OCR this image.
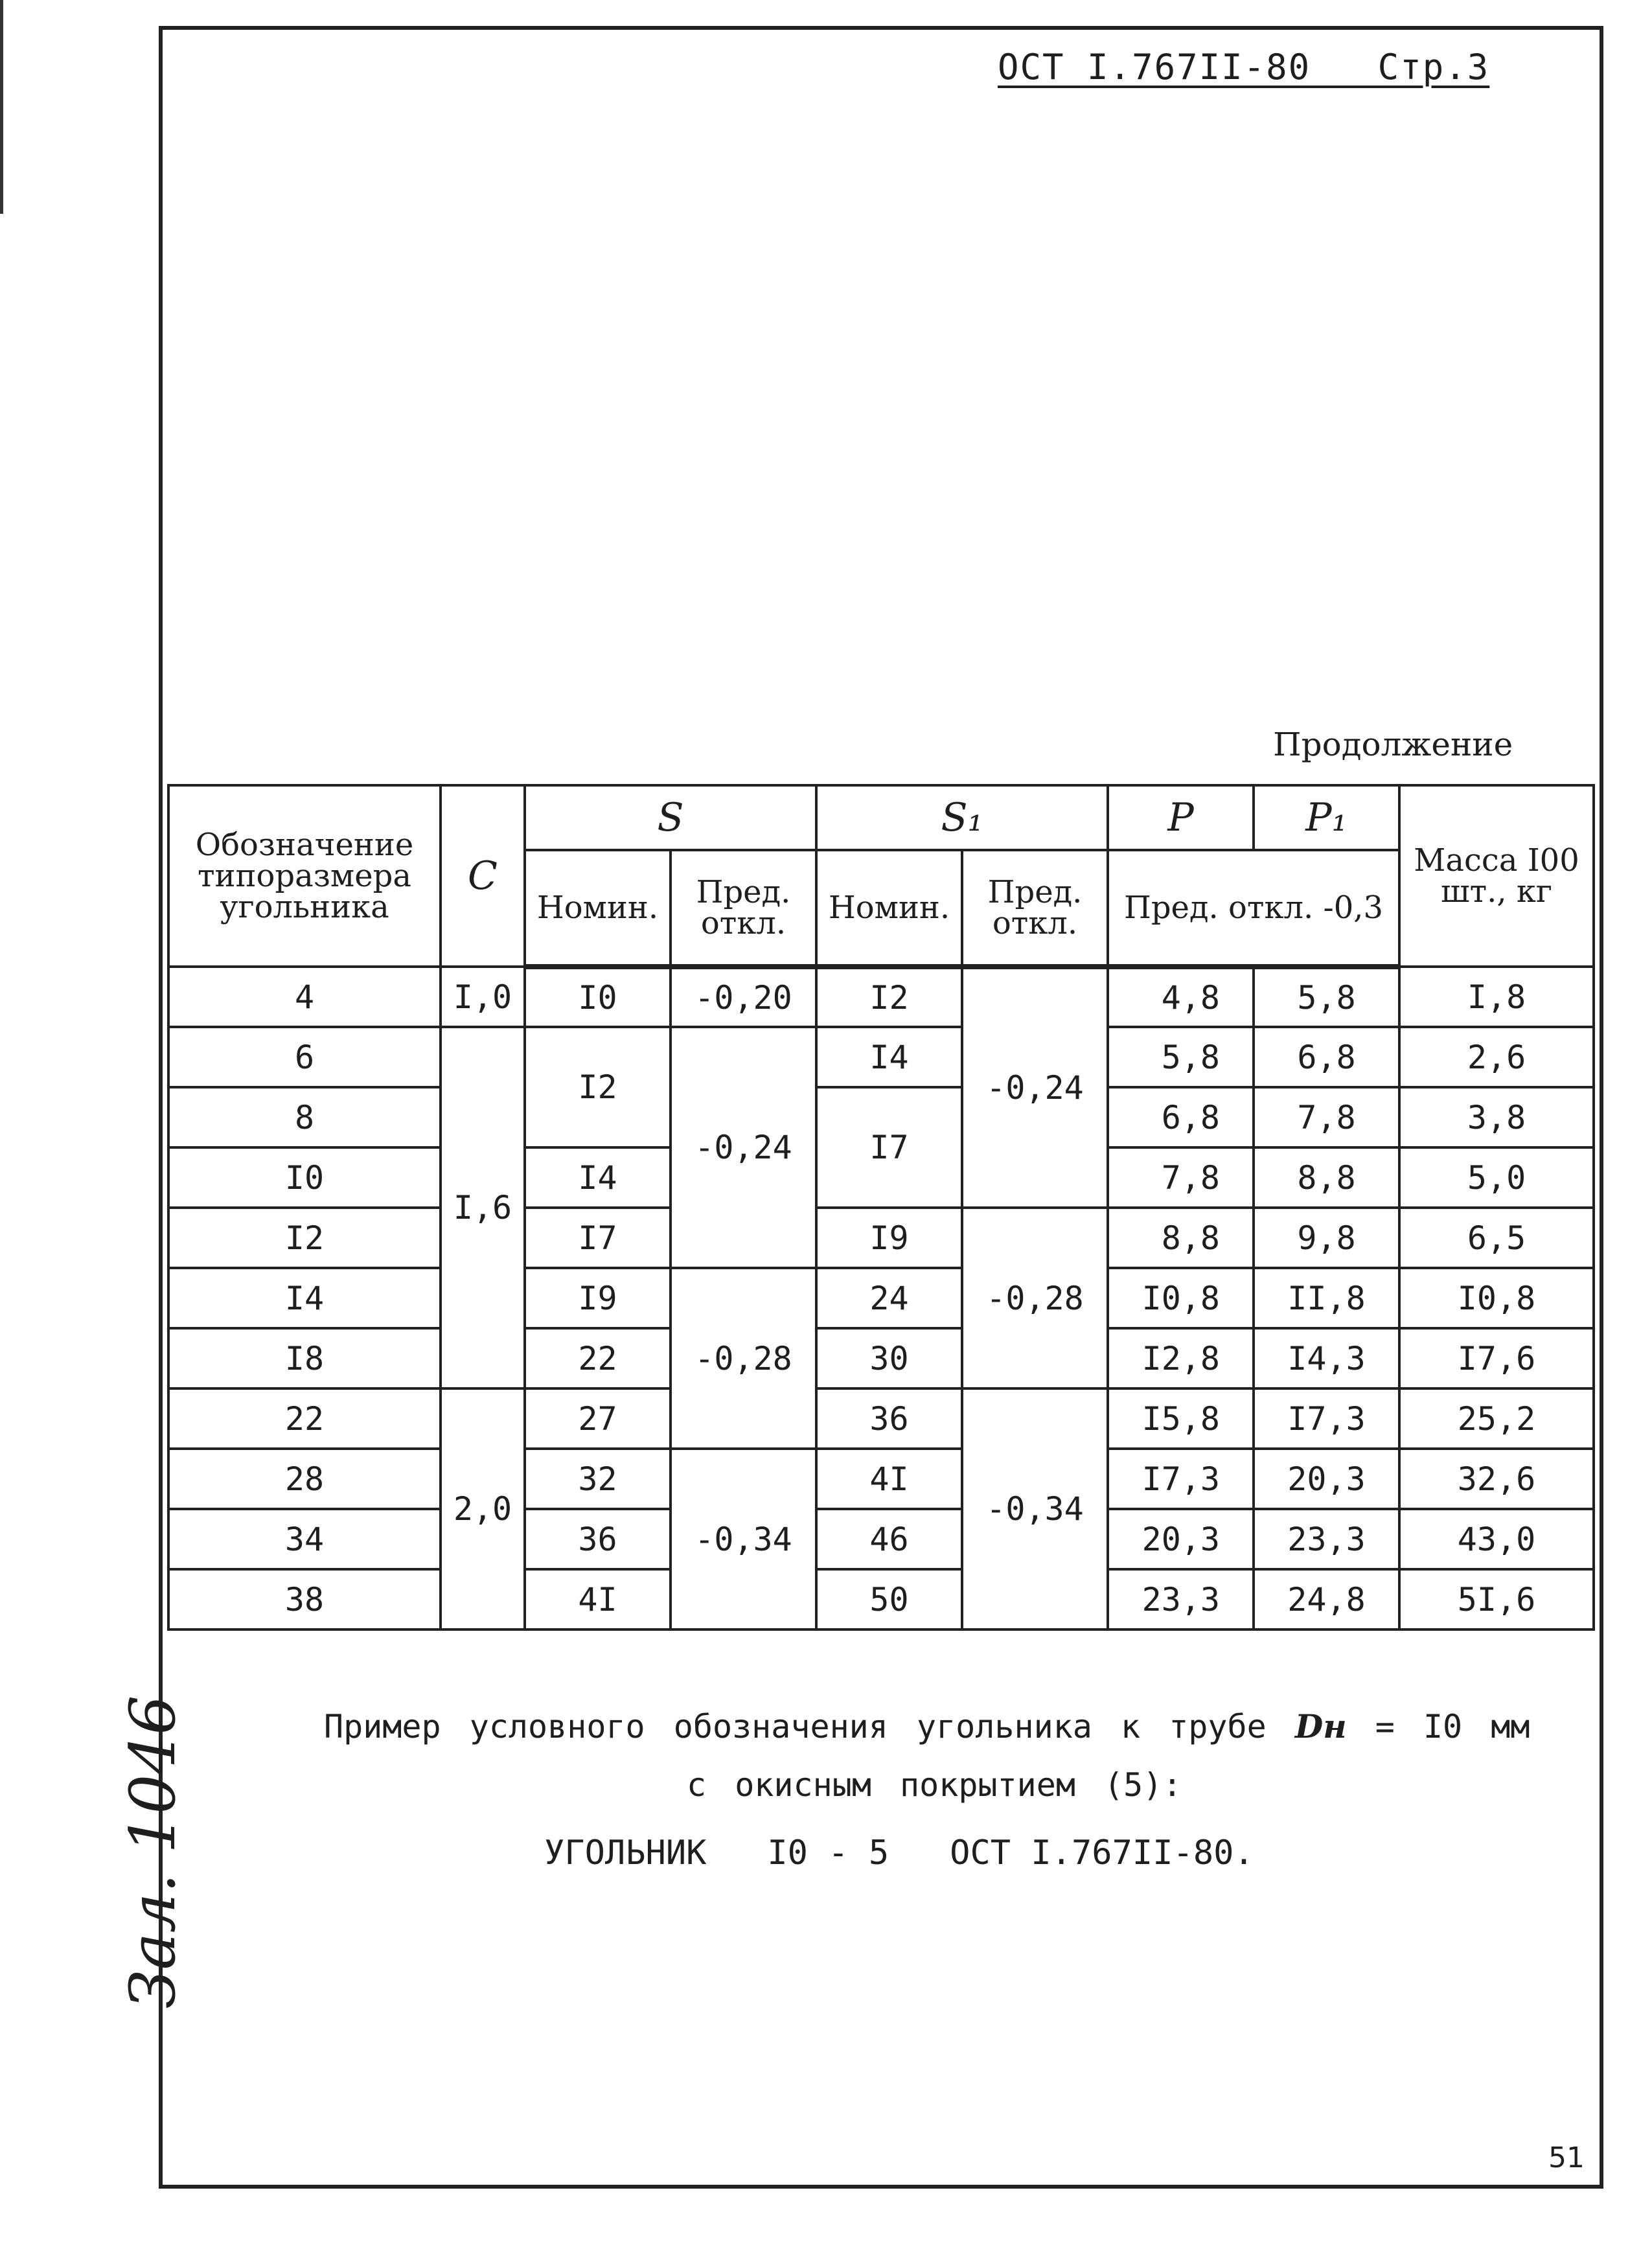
ОСТ I.767II-80   Стр.3
Продолжение
Обозначение типоразмера угольника	C	S		S₁		P	P₁	Масса I00 шт., кг
		Номин.	Пред. откл.	Номин.	Пред. откл.	Пред. откл. -0,3		
4	I,0	I0	-0,20	I2	-0,24	4,8	5,8	I,8
6	I,6	I2	-0,24	I4		5,8	6,8	2,6
8				I7		6,8	7,8	3,8
I0		I4				7,8	8,8	5,0
I2		I7		I9	-0,28	8,8	9,8	6,5
I4		I9	-0,28	24		I0,8	II,8	I0,8
I8		22		30		I2,8	I4,3	I7,6
22	2,0	27		36	-0,34	I5,8	I7,3	25,2
28		32	-0,34	4I		I7,3	20,3	32,6
34		36		46		20,3	23,3	43,0
38		4I		50		23,3	24,8	5I,6
Пример условного обозначения угольника к трубе Dн = I0 мм
с окисным покрытием (5):
УГОЛЬНИК   I0 - 5   ОСТ I.767II-80.
Зал. 1046
51
